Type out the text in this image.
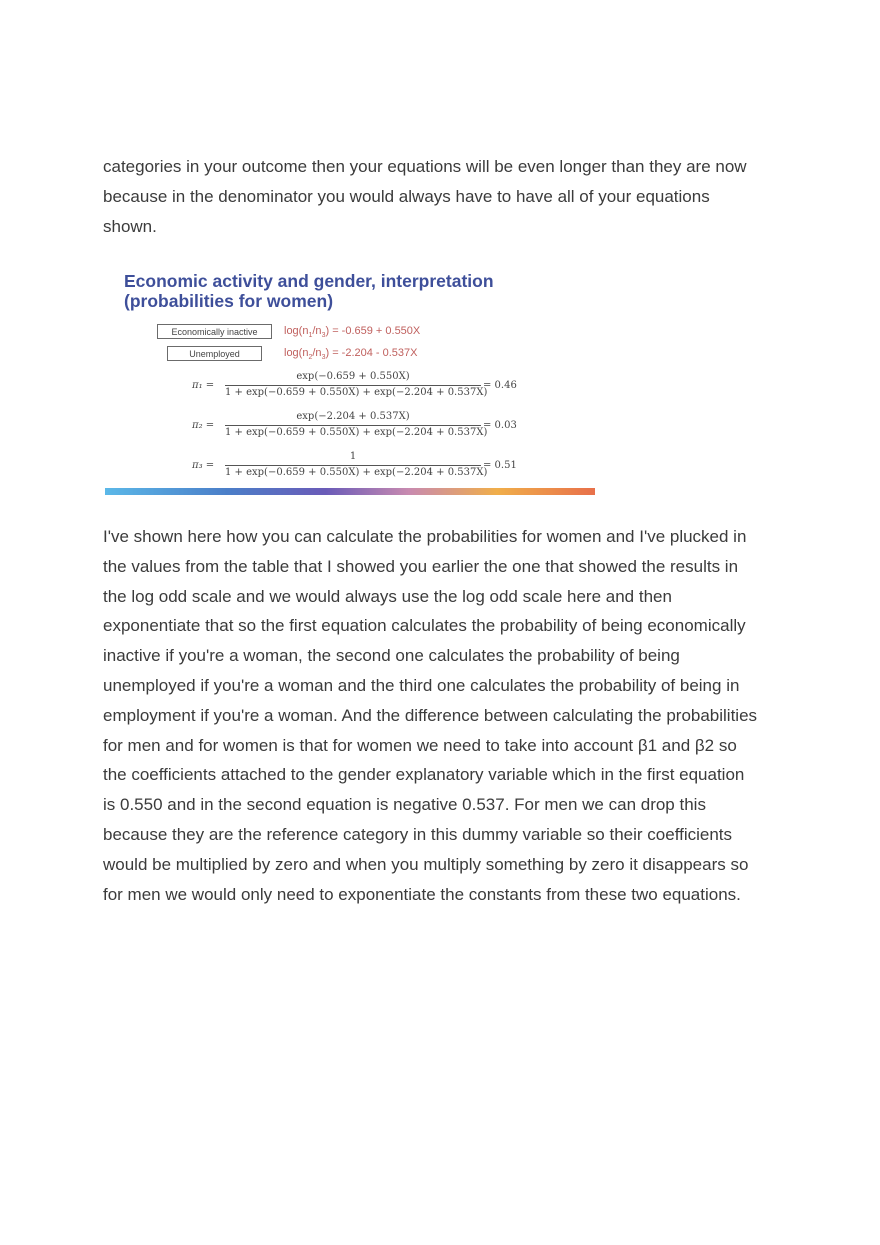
categories in your outcome then your equations will be even longer than they are now
because in the denominator you would always have to have all of your equations
shown.

Economic activity and gender, interpretation
(probabilities for women)
Economically inactive	$\log(n_1/n_3) = -0.659 + 0.550X$
Unemployed	$\log(n_2/n_3) = -2.204 - 0.537X$
π₁ =
exp(−0.659 + 0.550X)
1 + exp(−0.659 + 0.550X) + exp(−2.204 + 0.537X)
= 0.46
π₂ =
exp(−2.204 + 0.537X)
1 + exp(−0.659 + 0.550X) + exp(−2.204 + 0.537X)
= 0.03
π₃ =
1
1 + exp(−0.659 + 0.550X) + exp(−2.204 + 0.537X)
= 0.51

I've shown here how you can calculate the probabilities for women and I've plucked in
the values from the table that I showed you earlier the one that showed the results in
the log odd scale and we would always use the log odd scale here and then
exponentiate that so the first equation calculates the probability of being economically
inactive if you're a woman, the second one calculates the probability of being
unemployed if you're a woman and the third one calculates the probability of being in
employment if you're a woman. And the difference between calculating the probabilities
for men and for women is that for women we need to take into account β1 and β2 so
the coefficients attached to the gender explanatory variable which in the first equation
is 0.550 and in the second equation is negative 0.537. For men we can drop this
because they are the reference category in this dummy variable so their coefficients
would be multiplied by zero and when you multiply something by zero it disappears so
for men we would only need to exponentiate the constants from these two equations.
